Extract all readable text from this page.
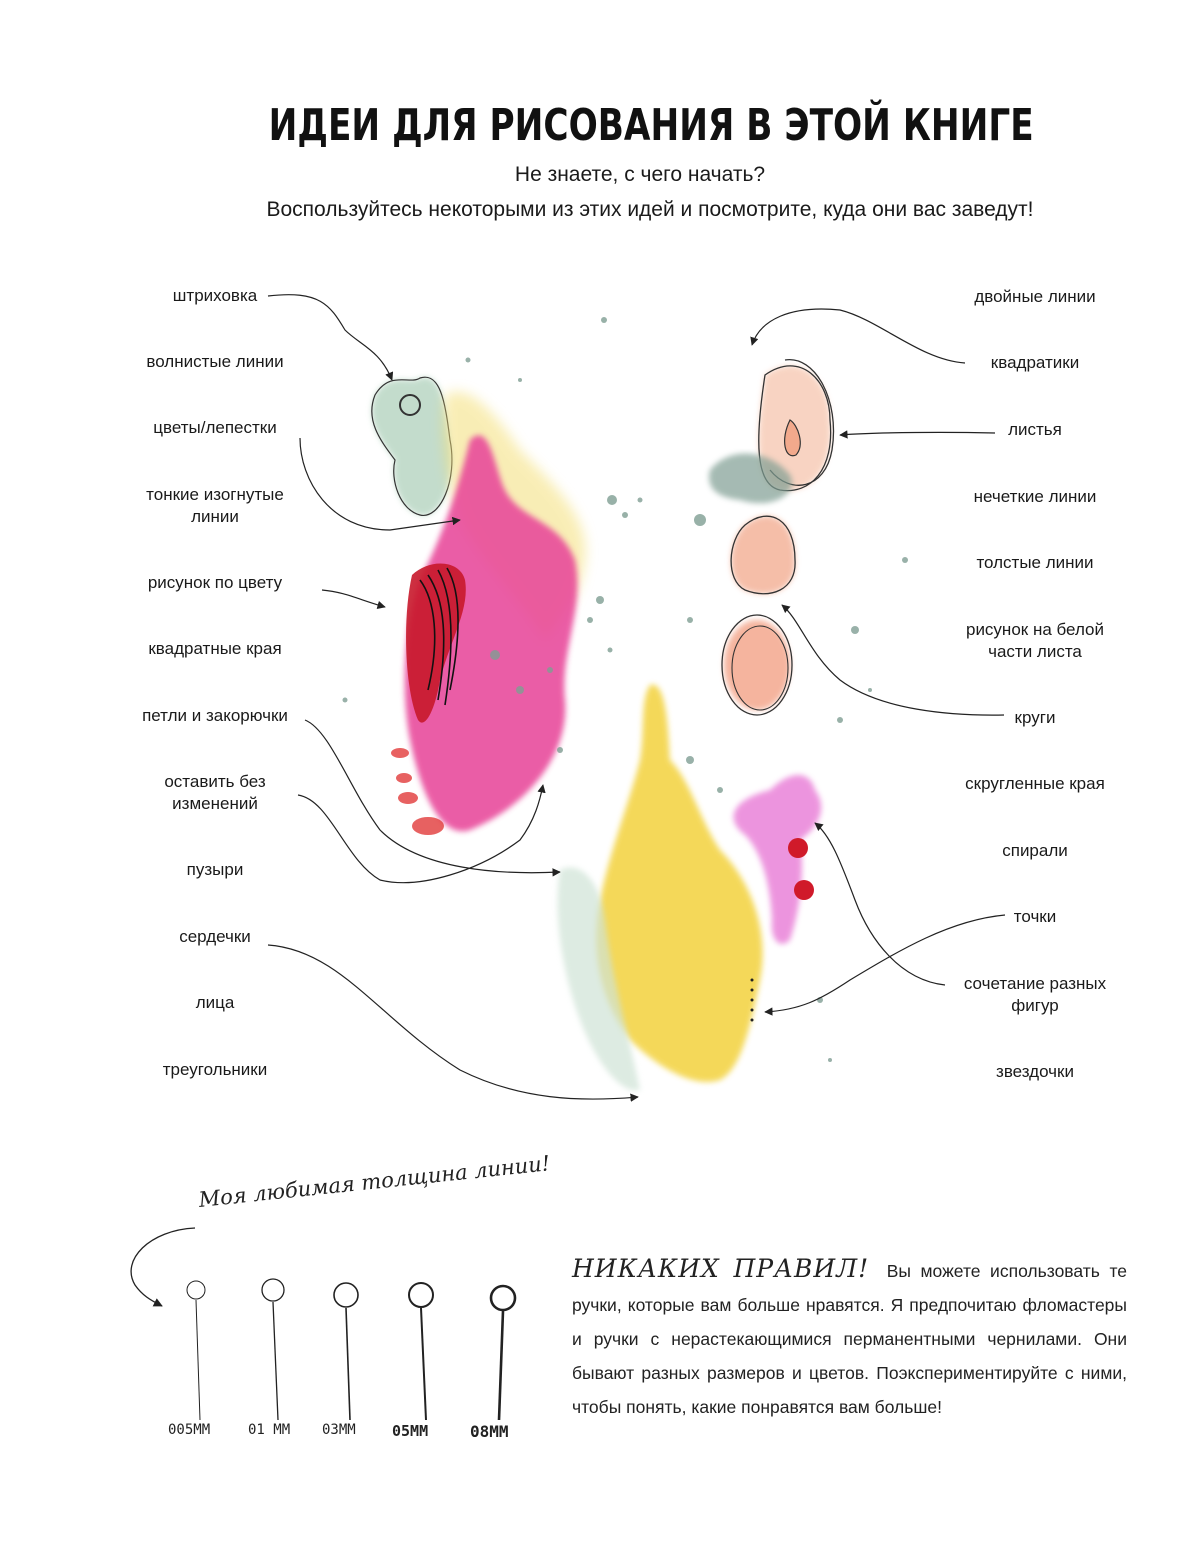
ИДЕИ ДЛЯ РИСОВАНИЯ В ЭТОЙ КНИГЕ
Не знаете, с чего начать?
Воспользуйтесь некоторыми из этих идей и посмотрите, куда они вас заведут!
штриховка
волнистые линии
цветы/лепестки
тонкие изогнутые линии
рисунок по цвету
квадратные края
петли и закорючки
оставить без изменений
пузыри
сердечки
лица
треугольники
двойные линии
квадратики
листья
нечеткие линии
толстые линии
рисунок на белой части листа
круги
скругленные края
спирали
точки
сочетание разных фигур
звездочки
Моя любимая толщина линии!
005MM	01 MM 03MM 05MM	08MM
НИКАКИХ ПРАВИЛ! Вы можете использовать те ручки, которые вам больше нравятся. Я предпочитаю фломастеры и ручки с нерастекающимися перманентными чернилами. Они бывают разных размеров и цветов. Поэкспериментируйте с ними, чтобы понять, какие понравятся вам больше!
